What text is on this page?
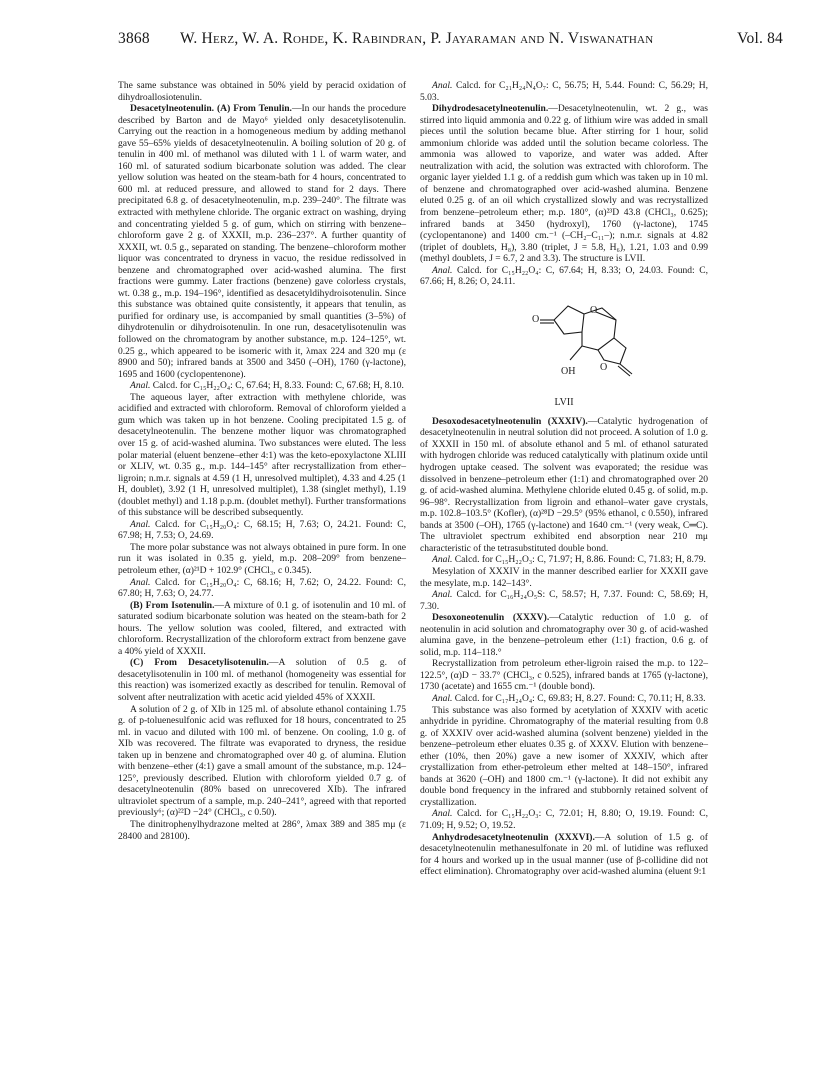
3868 W. Herz, W. A. Rohde, K. Rabindran, P. Jayaraman and N. Viswanathan	Vol. 84

The same substance was obtained in 50% yield by peracid oxidation of dihydroallosiotenulin.

Desacetylneotenulin. (A) From Tenulin.—In our hands the procedure described by Barton and de Mayo⁶ yielded only desacetylisotenulin. Carrying out the reaction in a homogeneous medium by adding methanol gave 55–65% yields of desacetylneotenulin. A boiling solution of 20 g. of tenulin in 400 ml. of methanol was diluted with 1 l. of warm water, and 160 ml. of saturated sodium bicarbonate solution was added. The clear yellow solution was heated on the steam-bath for 4 hours, concentrated to 600 ml. at reduced pressure, and allowed to stand for 2 days. There precipitated 6.8 g. of desacetylneotenulin, m.p. 239–240°. The filtrate was extracted with methylene chloride. The organic extract on washing, drying and concentrating yielded 5 g. of gum, which on stirring with benzene–chloroform gave 2 g. of XXXII, m.p. 236–237°. A further quantity of XXXII, wt. 0.5 g., separated on standing. The benzene–chloroform mother liquor was concentrated to dryness in vacuo, the residue redissolved in benzene and chromatographed over acid-washed alumina. The first fractions were gummy. Later fractions (benzene) gave colorless crystals, wt. 0.38 g., m.p. 194–196°, identified as desacetyldihydroisotenulin. Since this substance was obtained quite consistently, it appears that tenulin, as purified for ordinary use, is accompanied by small quantities (3–5%) of dihydrotenulin or dihydroisotenulin. In one run, desacetylisotenulin was followed on the chromatogram by another substance, m.p. 124–125°, wt. 0.25 g., which appeared to be isomeric with it, λmax 224 and 320 mμ (ε 8900 and 50); infrared bands at 3500 and 3450 (–OH), 1760 (γ-lactone), 1695 and 1600 (cyclopentenone).

Anal. Calcd. for C₁₅H₂₂O₄: C, 67.64; H, 8.33. Found: C, 67.68; H, 8.10.

The aqueous layer, after extraction with methylene chloride, was acidified and extracted with chloroform. Removal of chloroform yielded a gum which was taken up in hot benzene. Cooling precipitated 1.5 g. of desacetylneotenulin. The benzene mother liquor was chromatographed over 15 g. of acid-washed alumina. Two substances were eluted. The less polar material (eluent benzene–ether 4:1) was the keto-epoxylactone XLIII or XLIV, wt. 0.35 g., m.p. 144–145° after recrystallization from ether–ligroin; n.m.r. signals at 4.59 (1 H, unresolved multiplet), 4.33 and 4.25 (1 H, doublet), 3.92 (1 H, unresolved multiplet), 1.38 (singlet methyl), 1.19 (doublet methyl) and 1.18 p.p.m. (doublet methyl). Further transformations of this substance will be described subsequently.

Anal. Calcd. for C₁₅H₂₀O₄: C, 68.15; H, 7.63; O, 24.21. Found: C, 67.98; H, 7.53; O, 24.69.

The more polar substance was not always obtained in pure form. In one run it was isolated in 0.35 g. yield, m.p. 208–209° from benzene–petroleum ether, (α)²¹D + 102.9° (CHCl₃, c 0.345).

Anal. Calcd. for C₁₅H₂₀O₄: C, 68.16; H, 7.62; O, 24.22. Found: C, 67.80; H, 7.63; O, 24.77.

(B) From Isotenulin.—A mixture of 0.1 g. of isotenulin and 10 ml. of saturated sodium bicarbonate solution was heated on the steam-bath for 2 hours. The yellow solution was cooled, filtered, and extracted with chloroform. Recrystallization of the chloroform extract from benzene gave a 40% yield of XXXII.

(C) From Desacetylisotenulin.—A solution of 0.5 g. of desacetylisotenulin in 100 ml. of methanol (homogeneity was essential for this reaction) was isomerized exactly as described for tenulin. Removal of solvent after neutralization with acetic acid yielded 45% of XXXII.

A solution of 2 g. of XIb in 125 ml. of absolute ethanol containing 1.75 g. of p-toluenesulfonic acid was refluxed for 18 hours, concentrated to 25 ml. in vacuo and diluted with 100 ml. of benzene. On cooling, 1.0 g. of XIb was recovered. The filtrate was evaporated to dryness, the residue taken up in benzene and chromatographed over 40 g. of alumina. Elution with benzene–ether (4:1) gave a small amount of the substance, m.p. 124–125°, previously described. Elution with chloroform yielded 0.7 g. of desacetylneotenulin (80% based on unrecovered XIb). The infrared ultraviolet spectrum of a sample, m.p. 240–241°, agreed with that reported previously⁶; (α)²²D −24° (CHCl₃, c 0.50).

The dinitrophenylhydrazone melted at 286°, λmax 389 and 385 mμ (ε 28400 and 28100).

Anal. Calcd. for C₂₁H₂₄N₄O₇: C, 56.75; H, 5.44. Found: C, 56.29; H, 5.03.

Dihydrodesacetylneotenulin.—Desacetylneotenulin, wt. 2 g., was stirred into liquid ammonia and 0.22 g. of lithium wire was added in small pieces until the solution became blue. After stirring for 1 hour, solid ammonium chloride was added until the solution became colorless. The ammonia was allowed to vaporize, and water was added. After neutralization with acid, the solution was extracted with chloroform. The organic layer yielded 1.1 g. of a reddish gum which was taken up in 10 ml. of benzene and chromatographed over acid-washed alumina. Benzene eluted 0.25 g. of an oil which crystallized slowly and was recrystallized from benzene–petroleum ether; m.p. 180°, (α)²³D 43.8 (CHCl₃, 0.625); infrared bands at 3450 (hydroxyl), 1760 (γ-lactone), 1745 (cyclopentanone) and 1400 cm.⁻¹ (–CH₂–C₁₁–); n.m.r. signals at 4.82 (triplet of doublets, H₈), 3.80 (triplet, J = 5.8, H₆), 1.21, 1.03 and 0.99 (methyl doublets, J = 6.7, 2 and 3.3). The structure is LVII.

Anal. Calcd. for C₁₅H₂₂O₄: C, 67.64; H, 8.33; O, 24.03. Found: C, 67.66; H, 8.26; O, 24.11.

O
O
OH O
LVII

Desoxodesacetylneotenulin (XXXIV).—Catalytic hydrogenation of desacetylneotenulin in neutral solution did not proceed. A solution of 1.0 g. of XXXII in 150 ml. of absolute ethanol and 5 ml. of ethanol saturated with hydrogen chloride was reduced catalytically with platinum oxide until hydrogen uptake ceased. The solvent was evaporated; the residue was dissolved in benzene–petroleum ether (1:1) and chromatographed over 20 g. of acid-washed alumina. Methylene chloride eluted 0.45 g. of solid, m.p. 96–98°. Recrystallization from ligroin and ethanol–water gave crystals, m.p. 102.8–103.5° (Kofler), (α)²⁸D −29.5° (95% ethanol, c 0.550), infrared bands at 3500 (–OH), 1765 (γ-lactone) and 1640 cm.⁻¹ (very weak, C═C). The ultraviolet spectrum exhibited end absorption near 210 mμ characteristic of the tetrasubstituted double bond.

Anal. Calcd. for C₁₅H₂₂O₃: C, 71.97; H, 8.86. Found: C, 71.83; H, 8.79.

Mesylation of XXXIV in the manner described earlier for XXXII gave the mesylate, m.p. 142–143°.

Anal. Calcd. for C₁₆H₂₄O₅S: C, 58.57; H, 7.37. Found: C, 58.69; H, 7.30.

Desoxoneotenulin (XXXV).—Catalytic reduction of 1.0 g. of neotenulin in acid solution and chromatography over 30 g. of acid-washed alumina gave, in the benzene–petroleum ether (1:1) fraction, 0.6 g. of solid, m.p. 114–118.°

Recrystallization from petroleum ether-ligroin raised the m.p. to 122–122.5°, (α)D − 33.7° (CHCl₃, c 0.525), infrared bands at 1765 (γ-lactone), 1730 (acetate) and 1655 cm.⁻¹ (double bond).

Anal. Calcd. for C₁₇H₂₄O₄: C, 69.83; H, 8.27. Found: C, 70.11; H, 8.33.

This substance was also formed by acetylation of XXXIV with acetic anhydride in pyridine. Chromatography of the material resulting from 0.8 g. of XXXIV over acid-washed alumina (solvent benzene) yielded in the benzene–petroleum ether eluates 0.35 g. of XXXV. Elution with benzene–ether (10%, then 20%) gave a new isomer of XXXIV, which after crystallization from ether-petroleum ether melted at 148–150°, infrared bands at 3620 (–OH) and 1800 cm.⁻¹ (γ-lactone). It did not exhibit any double bond frequency in the infrared and stubbornly retained solvent of crystallization.

Anal. Calcd. for C₁₅H₂₂O₃: C, 72.01; H, 8.80; O, 19.19. Found: C, 71.09; H, 9.52; O, 19.52.

Anhydrodesacetylneotenulin (XXXVI).—A solution of 1.5 g. of desacetylneotenulin methanesulfonate in 20 ml. of lutidine was refluxed for 4 hours and worked up in the usual manner (use of β-collidine did not effect elimination). Chromatography over acid-washed alumina (eluent 9:1
